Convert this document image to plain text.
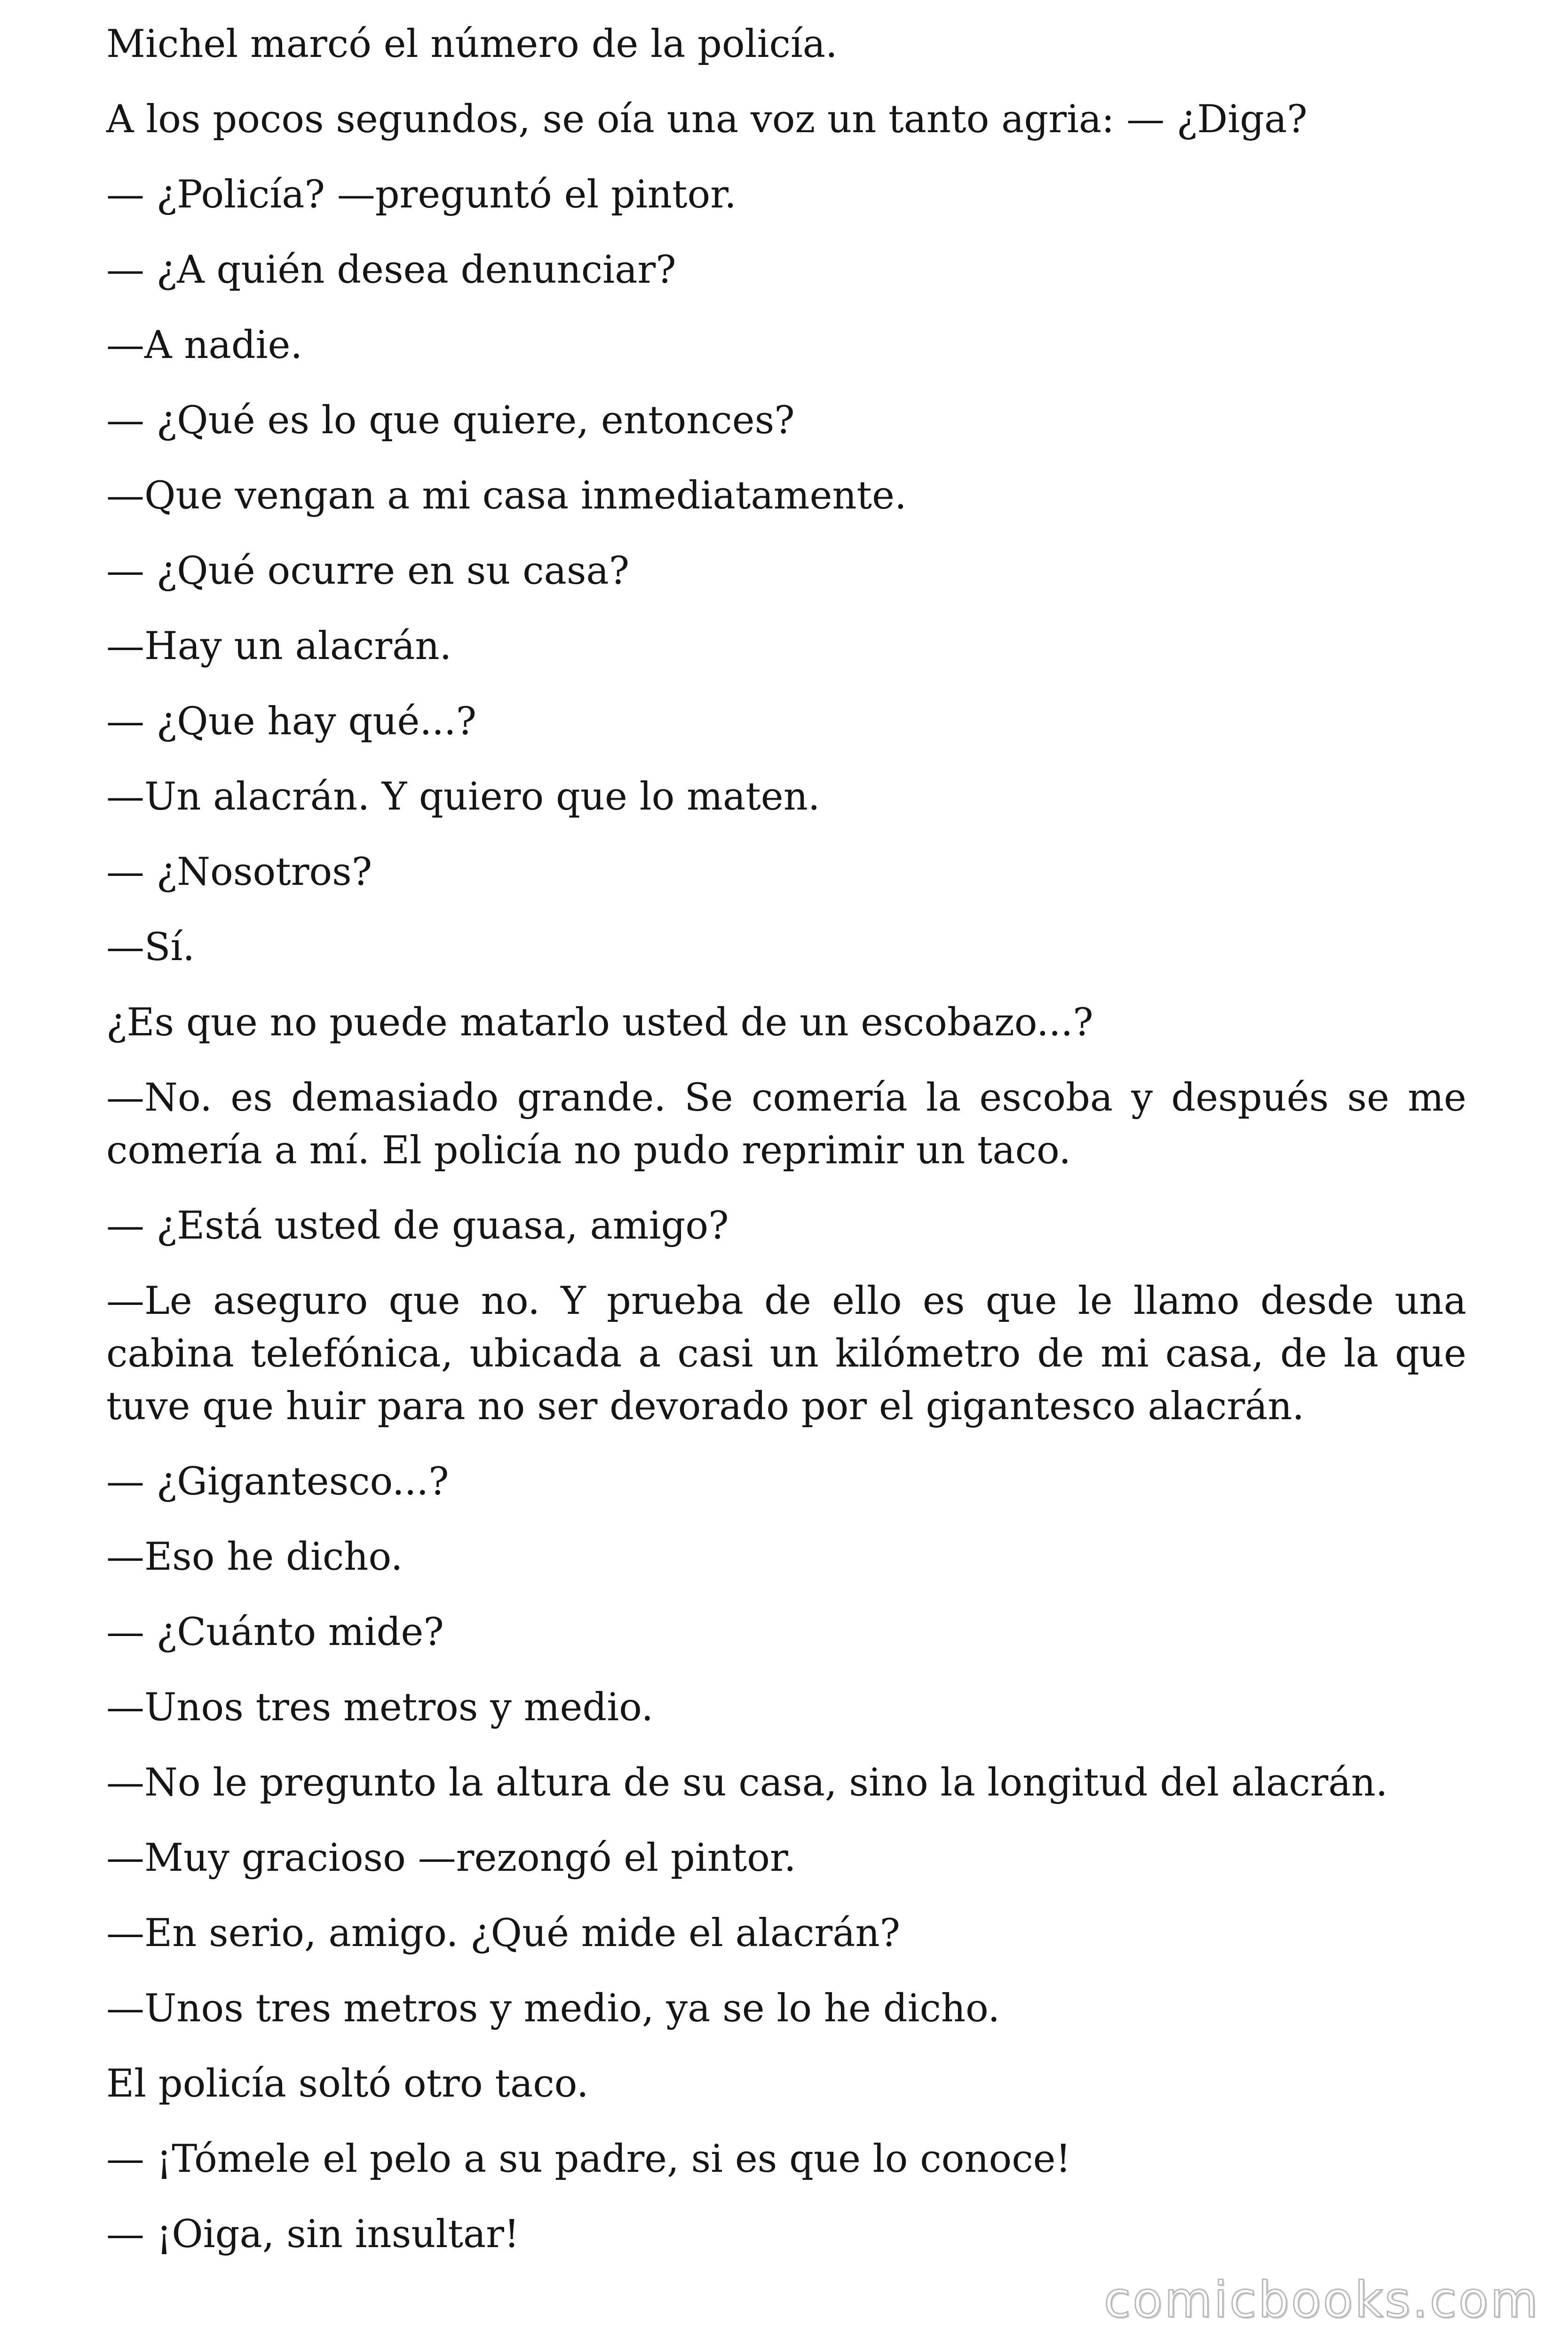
Michel marcó el número de la policía.

A los pocos segundos, se oía una voz un tanto agria: — ¿Diga?

— ¿Policía? —preguntó el pintor.

— ¿A quién desea denunciar?

—A nadie.

— ¿Qué es lo que quiere, entonces?

—Que vengan a mi casa inmediatamente.

— ¿Qué ocurre en su casa?

—Hay un alacrán.

— ¿Que hay qué...?

—Un alacrán. Y quiero que lo maten.

— ¿Nosotros?

—Sí.

¿Es que no puede matarlo usted de un escobazo...?

—No. es demasiado grande. Se comería la escoba y después se me comería a mí. El policía no pudo reprimir un taco.

— ¿Está usted de guasa, amigo?

—Le aseguro que no. Y prueba de ello es que le llamo desde una cabina telefónica, ubicada a casi un kilómetro de mi casa, de la que tuve que huir para no ser devorado por el gigantesco alacrán.

— ¿Gigantesco...?

—Eso he dicho.

— ¿Cuánto mide?

—Unos tres metros y medio.

—No le pregunto la altura de su casa, sino la longitud del alacrán.

—Muy gracioso —rezongó el pintor.

—En serio, amigo. ¿Qué mide el alacrán?

—Unos tres metros y medio, ya se lo he dicho.

El policía soltó otro taco.

— ¡Tómele el pelo a su padre, si es que lo conoce!

— ¡Oiga, sin insultar!

comicbooks.com
